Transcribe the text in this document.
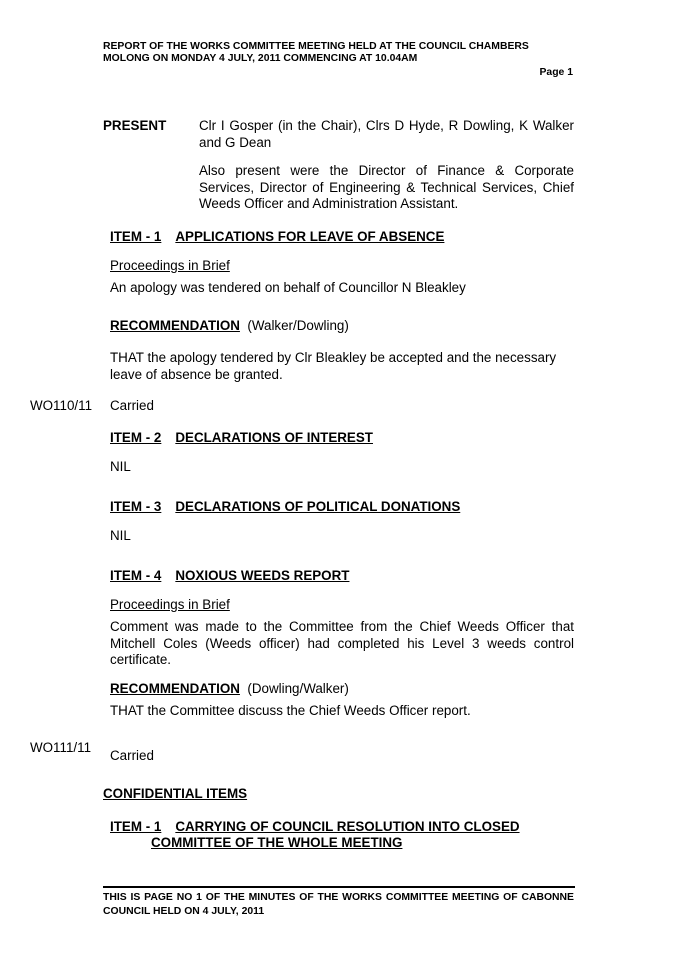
REPORT OF THE WORKS COMMITTEE MEETING HELD AT THE COUNCIL CHAMBERS
MOLONG ON MONDAY 4 JULY, 2011 COMMENCING AT 10.04AM
Page 1
PRESENT Clr I Gosper (in the Chair), Clrs D Hyde, R Dowling, K Walker and G Dean
Also present were the Director of Finance & Corporate Services, Director of Engineering & Technical Services, Chief Weeds Officer and Administration Assistant.
ITEM - 1 APPLICATIONS FOR LEAVE OF ABSENCE
Proceedings in Brief
An apology was tendered on behalf of Councillor N Bleakley
RECOMMENDATION (Walker/Dowling)
THAT the apology tendered by Clr Bleakley be accepted and the necessary leave of absence be granted.
WO110/11 Carried
ITEM - 2 DECLARATIONS OF INTEREST
NIL
ITEM - 3 DECLARATIONS OF POLITICAL DONATIONS
NIL
ITEM - 4 NOXIOUS WEEDS REPORT
Proceedings in Brief
Comment was made to the Committee from the Chief Weeds Officer that Mitchell Coles (Weeds officer) had completed his Level 3 weeds control certificate.
RECOMMENDATION (Dowling/Walker)
THAT the Committee discuss the Chief Weeds Officer report.
WO111/11
Carried
CONFIDENTIAL ITEMS
ITEM - 1 CARRYING OF COUNCIL RESOLUTION INTO CLOSED
COMMITTEE OF THE WHOLE MEETING
THIS IS PAGE NO 1 OF THE MINUTES OF THE WORKS COMMITTEE MEETING OF CABONNE COUNCIL HELD ON 4 JULY, 2011
